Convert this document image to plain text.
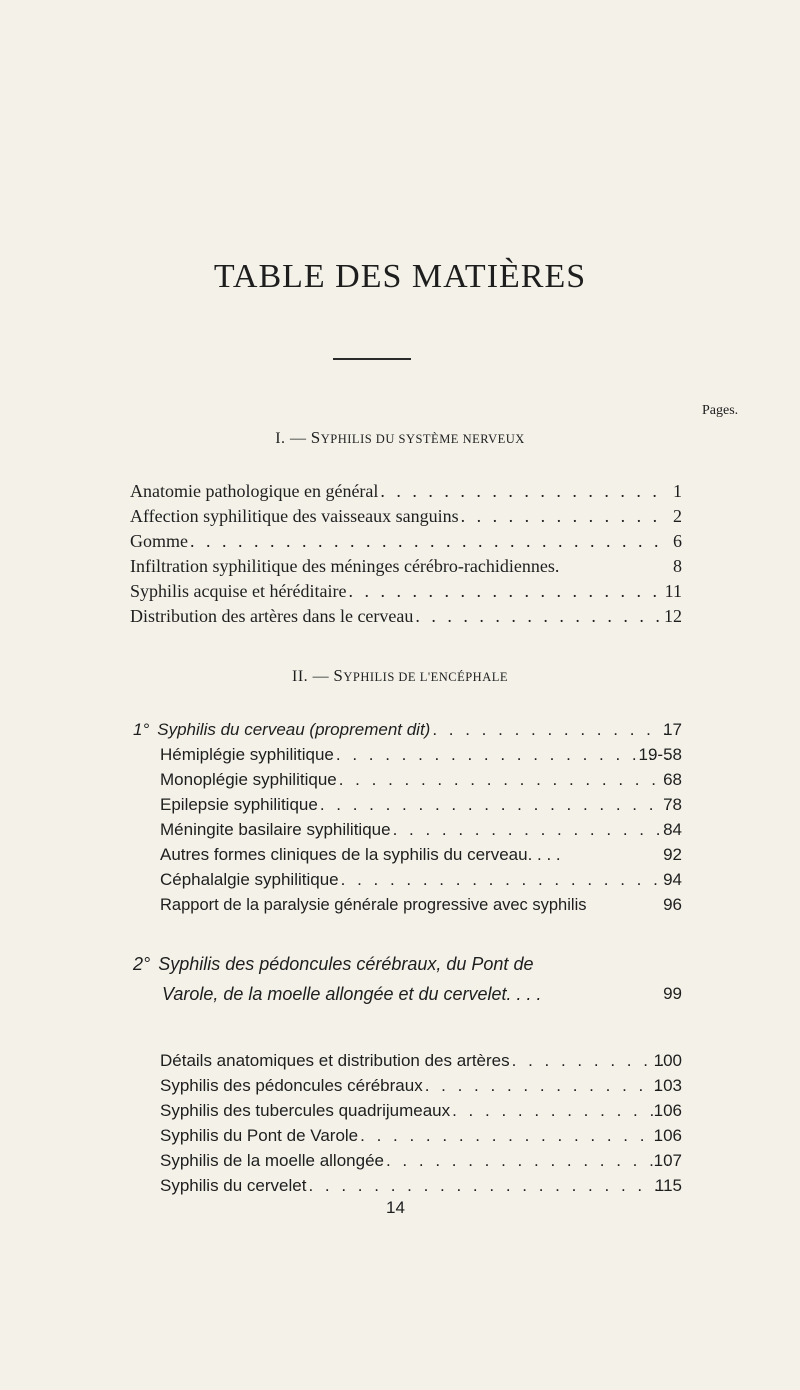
TABLE DES MATIÈRES
Pages.
I. — SYPHILIS DU SYSTÈME NERVEUX
Anatomie pathologique en général . . .	1
Affection syphilitique des vaisseaux sanguins . . .	2
Gomme . . .	6
Infiltration syphilitique des méninges cérébro-rachidiennes.	8
Syphilis acquise et héréditaire . . .	11
Distribution des artères dans le cerveau . . .	12
II. — SYPHILIS DE L'ENCÉPHALE
1° Syphilis du cerveau (proprement dit) . . .	17
Hémiplégie syphilitique . . .	19-58
Monoplégie syphilitique . . .	68
Epilepsie syphilitique . . .	78
Méningite basilaire syphilitique . . .	84
Autres formes cliniques de la syphilis du cerveau. . . .	92
Céphalalgie syphilitique . . .	94
Rapport de la paralysie générale progressive avec syphilis	96
2° Syphilis des pédoncules cérébraux, du Pont de
Varole, de la moelle allongée et du cervelet. . . .	99
Détails anatomiques et distribution des artères . . .	100
Syphilis des pédoncules cérébraux . . .	103
Syphilis des tubercules quadrijumeaux . . .	106
Syphilis du Pont de Varole . . .	106
Syphilis de la moelle allongée . . .	107
Syphilis du cervelet . . .	115
14
